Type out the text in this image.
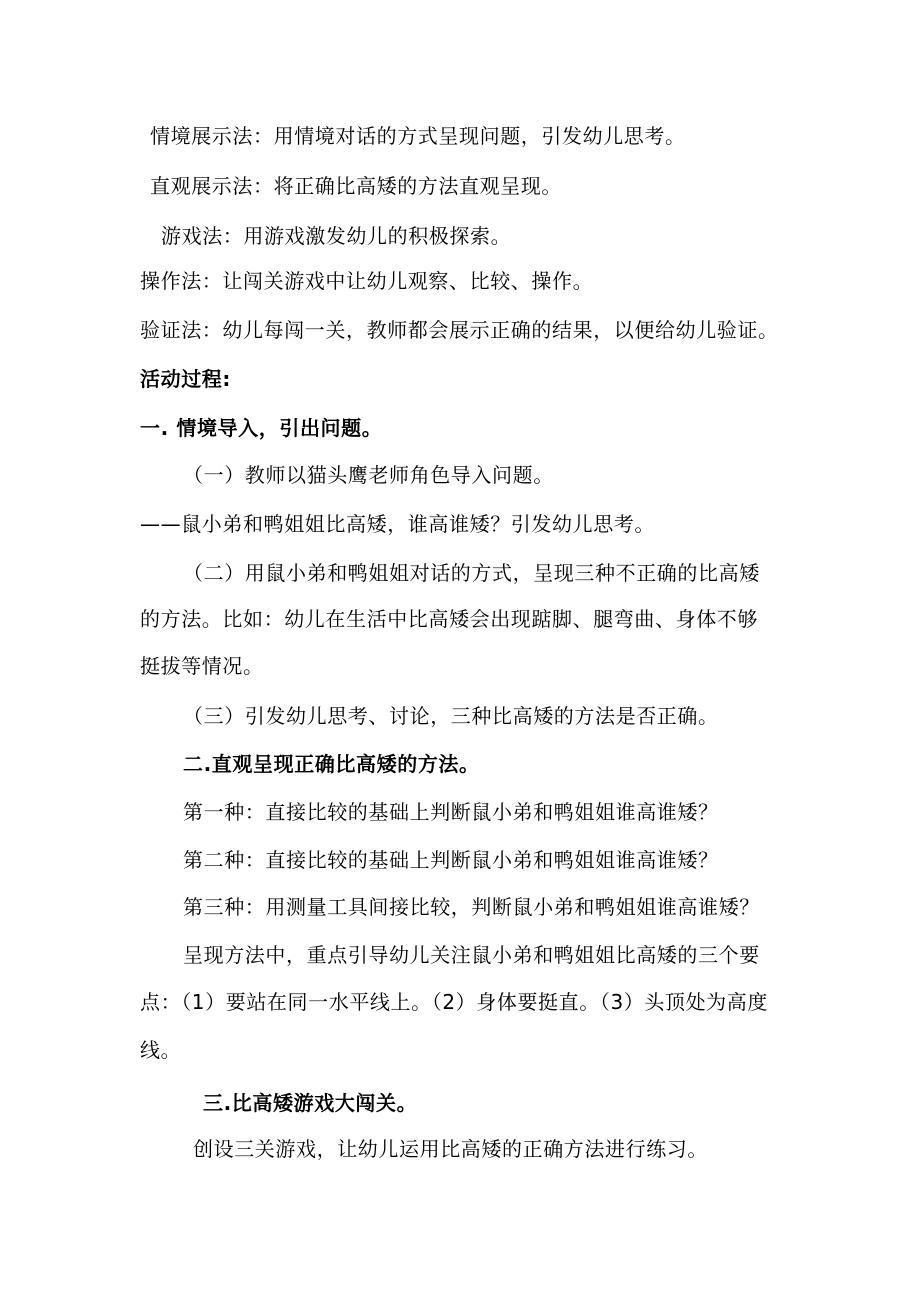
情境展示法：用情境对话的方式呈现问题，引发幼儿思考。
直观展示法：将正确比高矮的方法直观呈现。
游戏法：用游戏激发幼儿的积极探索。
操作法：让闯关游戏中让幼儿观察、比较、操作。
验证法：幼儿每闯一关，教师都会展示正确的结果，以便给幼儿验证。
活动过程:
一. 情境导入，引出问题。
（一）教师以猫头鹰老师角色导入问题。
——鼠小弟和鸭姐姐比高矮，谁高谁矮？引发幼儿思考。
（二）用鼠小弟和鸭姐姐对话的方式，呈现三种不正确的比高矮
的方法。比如：幼儿在生活中比高矮会出现踮脚、腿弯曲、身体不够
挺拔等情况。
（三）引发幼儿思考、讨论，三种比高矮的方法是否正确。
二.直观呈现正确比高矮的方法。
第一种：直接比较的基础上判断鼠小弟和鸭姐姐谁高谁矮？
第二种：直接比较的基础上判断鼠小弟和鸭姐姐谁高谁矮？
第三种：用测量工具间接比较，判断鼠小弟和鸭姐姐谁高谁矮？
呈现方法中，重点引导幼儿关注鼠小弟和鸭姐姐比高矮的三个要
点：（1）要站在同一水平线上。（2）身体要挺直。（3）头顶处为高度
线。
三.比高矮游戏大闯关。
创设三关游戏，让幼儿运用比高矮的正确方法进行练习。
